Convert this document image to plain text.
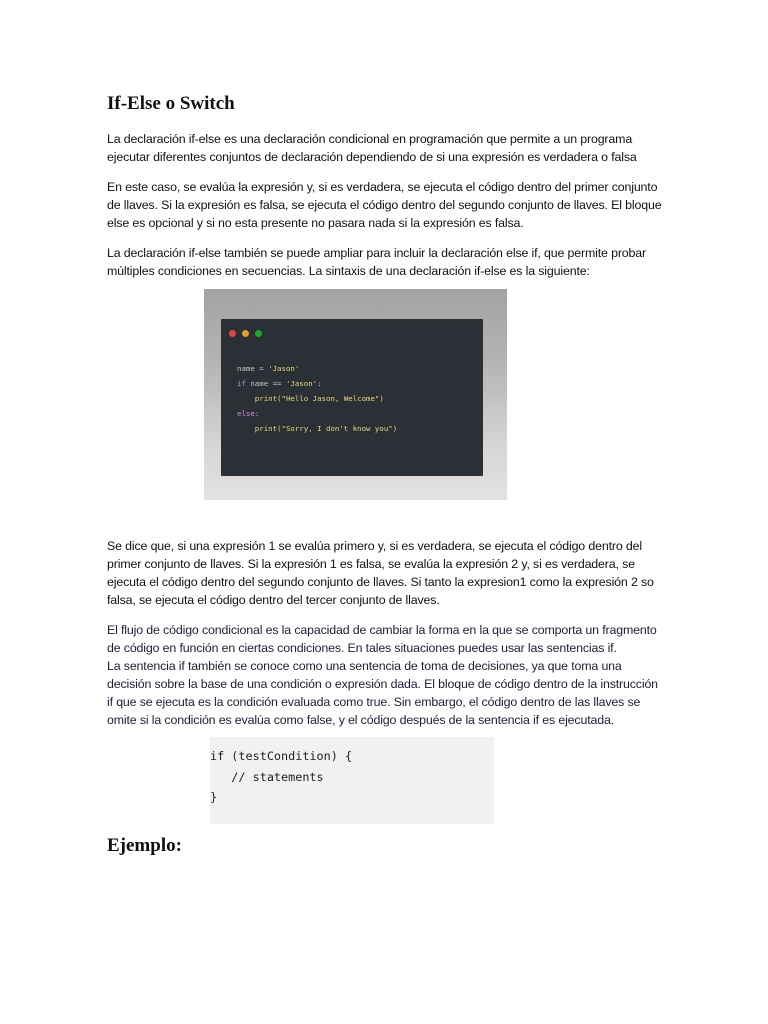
If-Else o Switch

La declaración if-else es una declaración condicional en programación que permite a un programa ejecutar diferentes conjuntos de declaración dependiendo de si una expresión es verdadera o falsa

En este caso, se evalúa la expresión y, si es verdadera, se ejecuta el código dentro del primer conjunto de llaves. Si la expresión es falsa, se ejecuta el código dentro del segundo conjunto de llaves. El bloque else es opcional y si no esta presente no pasara nada si la expresión es falsa.

La declaración if-else también se puede ampliar para incluir la declaración else if, que permite probar múltiples condiciones en secuencias. La sintaxis de una declaración if-else es la siguiente:

name = 'Jason'
if name == 'Jason':
print("Hello Jason, Welcome")
else:
print("Sorry, I don't know you")

Se dice que, si una expresión 1 se evalúa primero y, si es verdadera, se ejecuta el código dentro del primer conjunto de llaves. Si la expresión 1 es falsa, se evalúa la expresión 2 y, si es verdadera, se ejecuta el código dentro del segundo conjunto de llaves. Si tanto la expresion1 como la expresión 2 so falsa, se ejecuta el código dentro del tercer conjunto de llaves.

El flujo de código condicional es la capacidad de cambiar la forma en la que se comporta un fragmento de código en función en ciertas condiciones. En tales situaciones puedes usar las sentencias if.

La sentencia if también se conoce como una sentencia de toma de decisiones, ya que toma una decisión sobre la base de una condición o expresión dada. El bloque de código dentro de la instrucción if que se ejecuta es la condición evaluada como true. Sin embargo, el código dentro de las llaves se omite si la condición es evalúa como false, y el código después de la sentencia if es ejecutada.

if (testCondition) {
// statements
}
Ejemplo:
